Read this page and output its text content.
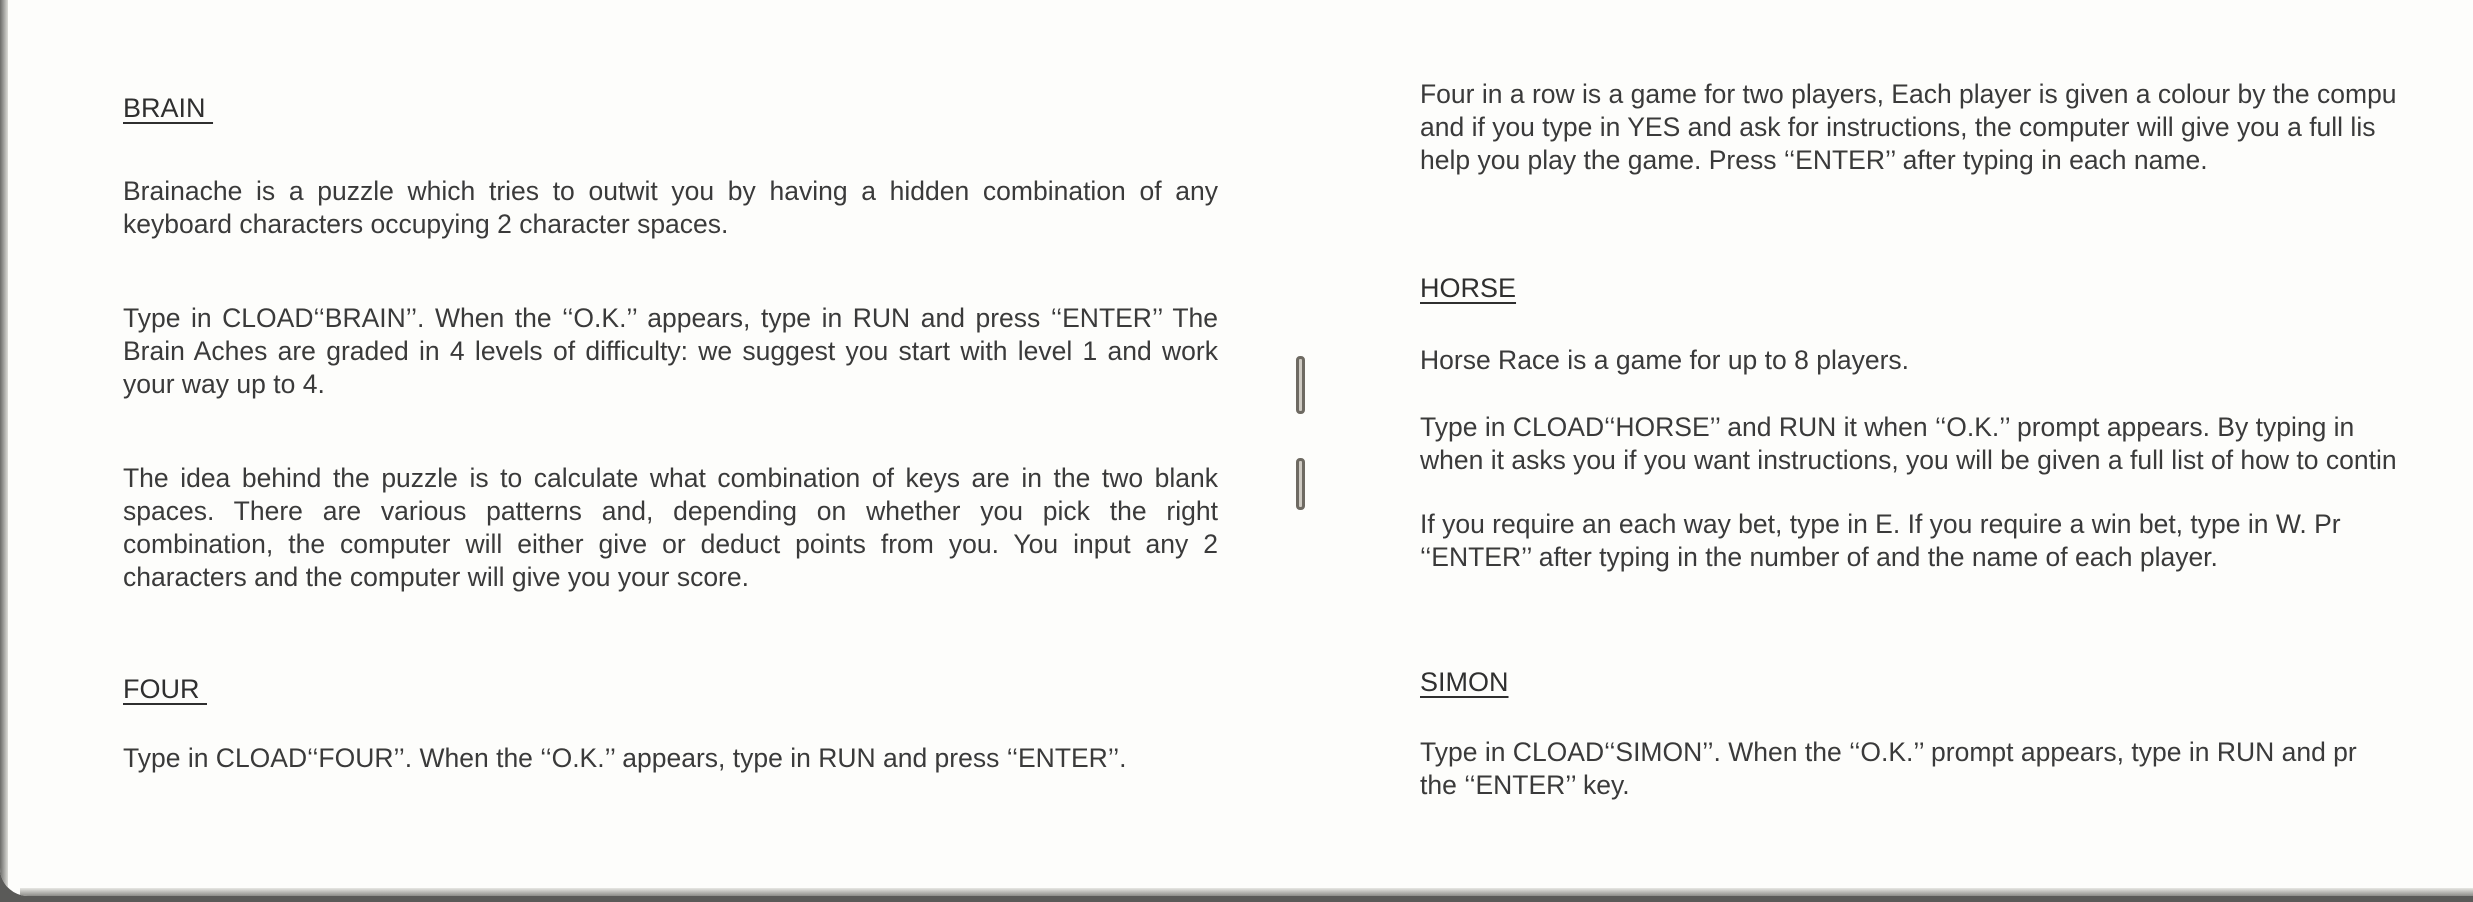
BRAIN

Brainache is a puzzle which tries to outwit you by having a hidden combination of any keyboard characters occupying 2 character spaces.

Type in CLOAD‘‘BRAIN’’. When the ‘‘O.K.’’ appears, type in RUN and press ‘‘ENTER’’ The Brain Aches are graded in 4 levels of difficulty: we suggest you start with level 1 and work your way up to 4.

The idea behind the puzzle is to calculate what combination of keys are in the two blank spaces. There are various patterns and, depending on whether you pick the right combination, the computer will either give or deduct points from you. You input any 2 characters and the computer will give you your score.

FOUR

Type in CLOAD‘‘FOUR’’. When the ‘‘O.K.’’ appears, type in RUN and press ‘‘ENTER’’.

Four in a row is a game for two players, Each player is given a colour by the compu
and if you type in YES and ask for instructions, the computer will give you a full lis
help you play the game. Press ‘‘ENTER’’ after typing in each name.

HORSE

Horse Race is a game for up to 8 players.

Type in CLOAD‘‘HORSE’’ and RUN it when ‘‘O.K.’’ prompt appears. By typing in
when it asks you if you want instructions, you will be given a full list of how to contin

If you require an each way bet, type in E. If you require a win bet, type in W. Pr
‘‘ENTER’’ after typing in the number of and the name of each player.

SIMON

Type in CLOAD‘‘SIMON’’. When the ‘‘O.K.’’ prompt appears, type in RUN and pr
the ‘‘ENTER’’ key.
